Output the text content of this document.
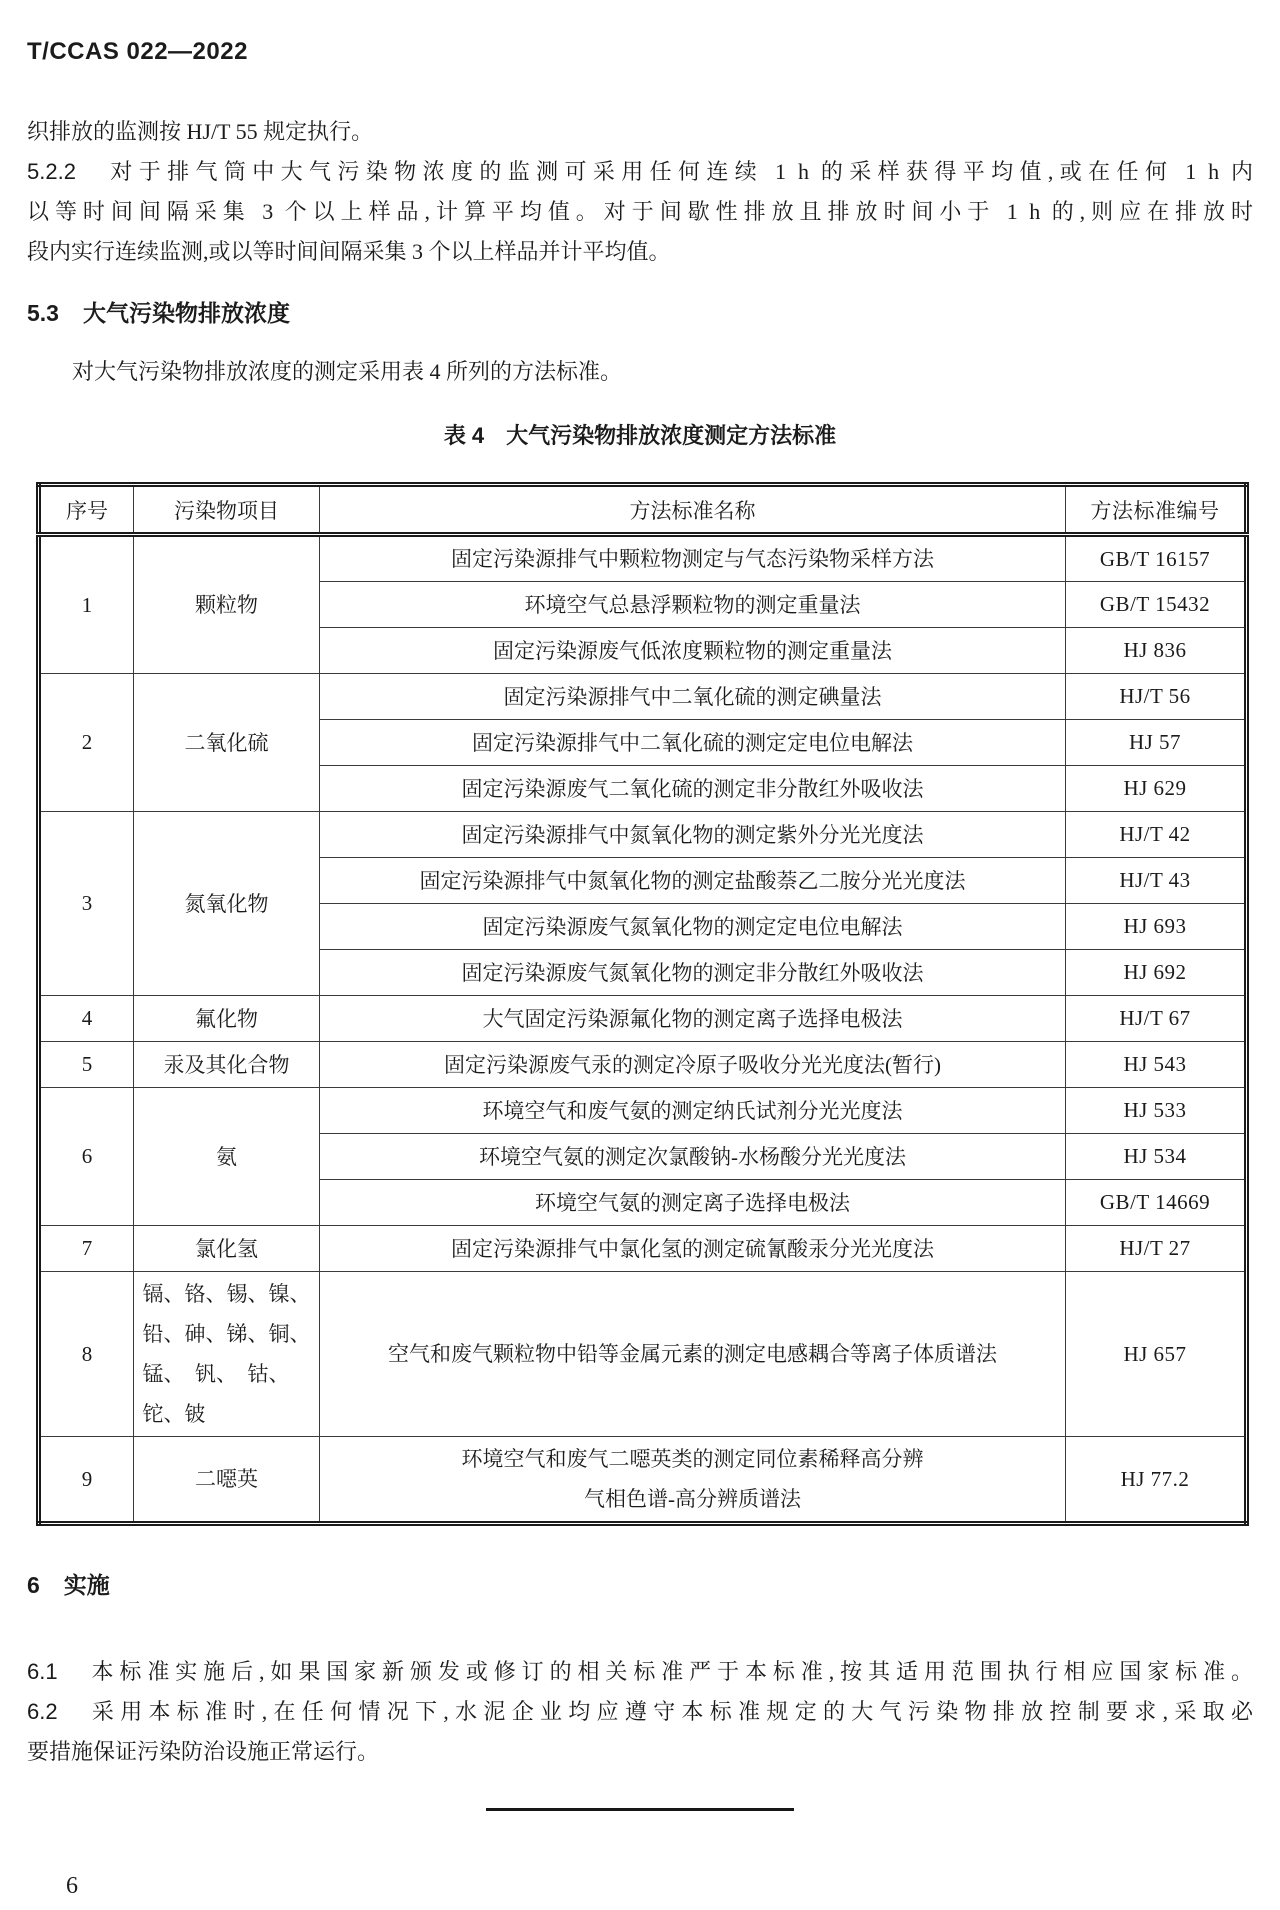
T/CCAS 022—2022

织排放的监测按 HJ/T 55 规定执行。

5.2.2 对于排气筒中大气污染物浓度的监测可采用任何连续 1 h 的采样获得平均值,或在任何 1 h 内
以等时间间隔采集 3 个以上样品,计算平均值。对于间歇性排放且排放时间小于 1 h 的,则应在排放时
段内实行连续监测,或以等时间间隔采集 3 个以上样品并计平均值。
5.3 大气污染物排放浓度

对大气污染物排放浓度的测定采用表 4 所列的方法标准。

表 4　大气污染物排放浓度测定方法标准
序号	污染物项目	方法标准名称	方法标准编号
1	颗粒物	固定污染源排气中颗粒物测定与气态污染物采样方法	GB/T 16157

		环境空气总悬浮颗粒物的测定重量法	GB/T 15432

		固定污染源废气低浓度颗粒物的测定重量法	HJ 836
2	二氧化硫	固定污染源排气中二氧化硫的测定碘量法	HJ/T 56

		固定污染源排气中二氧化硫的测定定电位电解法	HJ 57

		固定污染源废气二氧化硫的测定非分散红外吸收法	HJ 629
3	氮氧化物	固定污染源排气中氮氧化物的测定紫外分光光度法	HJ/T 42

		固定污染源排气中氮氧化物的测定盐酸萘乙二胺分光光度法	HJ/T 43

		固定污染源废气氮氧化物的测定定电位电解法	HJ 693

		固定污染源废气氮氧化物的测定非分散红外吸收法	HJ 692
4	氟化物	大气固定污染源氟化物的测定离子选择电极法	HJ/T 67
5	汞及其化合物	固定污染源废气汞的测定冷原子吸收分光光度法(暂行)	HJ 543
6	氨	环境空气和废气氨的测定纳氏试剂分光光度法	HJ 533

		环境空气氨的测定次氯酸钠-水杨酸分光光度法	HJ 534

		环境空气氨的测定离子选择电极法	GB/T 14669
7	氯化氢	固定污染源排气中氯化氢的测定硫氰酸汞分光光度法	HJ/T 27
8	镉、铬、锡、镍、
铅、砷、锑、铜、
锰、　钒、　钴、
铊、铍	空气和废气颗粒物中铅等金属元素的测定电感耦合等离子体质谱法	HJ 657
9	二噁英	环境空气和废气二噁英类的测定同位素稀释高分辨
气相色谱-高分辨质谱法	HJ 77.2
6 实施
6.1 本标准实施后,如果国家新颁发或修订的相关标准严于本标准,按其适用范围执行相应国家标准。
6.2 采用本标准时,在任何情况下,水泥企业均应遵守本标准规定的大气污染物排放控制要求,采取必
要措施保证污染防治设施正常运行。
6
